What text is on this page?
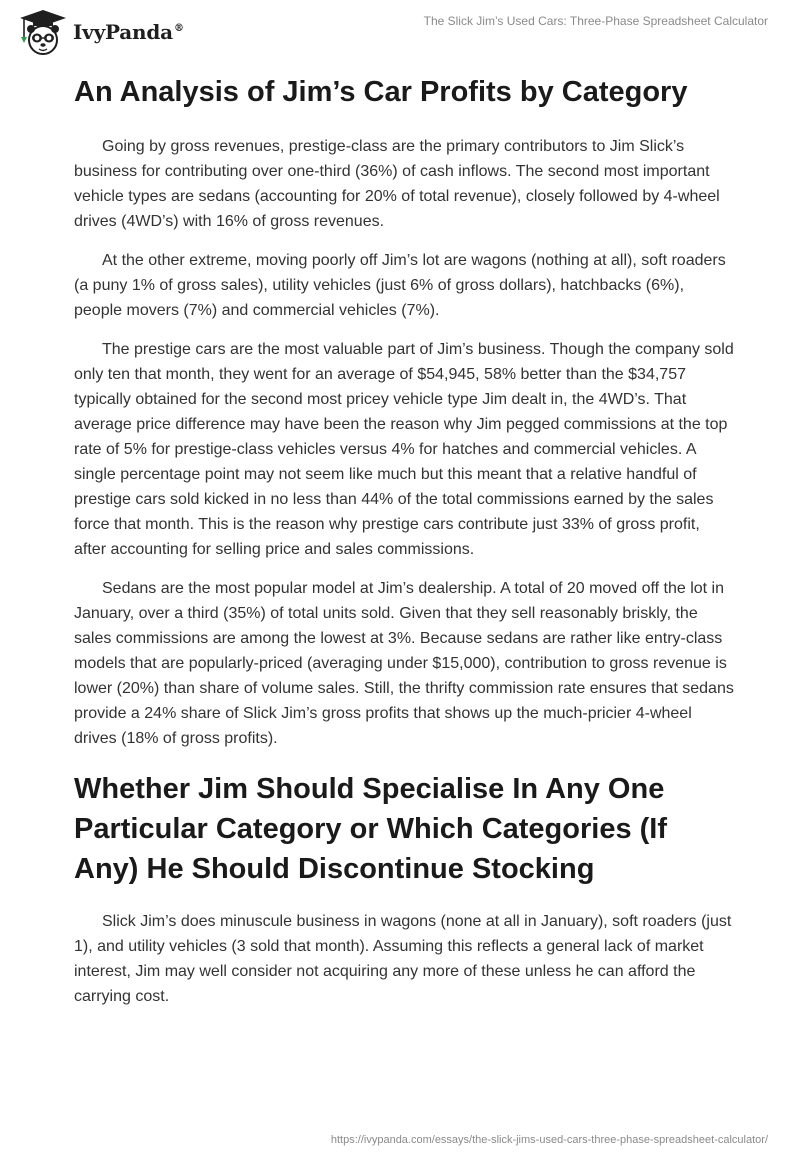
IvyPanda®
The Slick Jim’s Used Cars: Three-Phase Spreadsheet Calculator
An Analysis of Jim’s Car Profits by Category

Going by gross revenues, prestige-class are the primary contributors to Jim Slick’s business for contributing over one-third (36%) of cash inflows. The second most important vehicle types are sedans (accounting for 20% of total revenue), closely followed by 4-wheel drives (4WD’s) with 16% of gross revenues.

At the other extreme, moving poorly off Jim’s lot are wagons (nothing at all), soft roaders (a puny 1% of gross sales), utility vehicles (just 6% of gross dollars), hatchbacks (6%), people movers (7%) and commercial vehicles (7%).

The prestige cars are the most valuable part of Jim’s business. Though the company sold only ten that month, they went for an average of $54,945, 58% better than the $34,757 typically obtained for the second most pricey vehicle type Jim dealt in, the 4WD’s. That average price difference may have been the reason why Jim pegged commissions at the top rate of 5% for prestige-class vehicles versus 4% for hatches and commercial vehicles. A single percentage point may not seem like much but this meant that a relative handful of prestige cars sold kicked in no less than 44% of the total commissions earned by the sales force that month. This is the reason why prestige cars contribute just 33% of gross profit, after accounting for selling price and sales commissions.

Sedans are the most popular model at Jim’s dealership. A total of 20 moved off the lot in January, over a third (35%) of total units sold. Given that they sell reasonably briskly, the sales commissions are among the lowest at 3%. Because sedans are rather like entry-class models that are popularly-priced (averaging under $15,000), contribution to gross revenue is lower (20%) than share of volume sales. Still, the thrifty commission rate ensures that sedans provide a 24% share of Slick Jim’s gross profits that shows up the much-pricier 4-wheel drives (18% of gross profits).

Whether Jim Should Specialise In Any One Particular Category or Which Categories (If Any) He Should Discontinue Stocking

Slick Jim’s does minuscule business in wagons (none at all in January), soft roaders (just 1), and utility vehicles (3 sold that month). Assuming this reflects a general lack of market interest, Jim may well consider not acquiring any more of these unless he can afford the carrying cost.

https://ivypanda.com/essays/the-slick-jims-used-cars-three-phase-spreadsheet-calculator/
